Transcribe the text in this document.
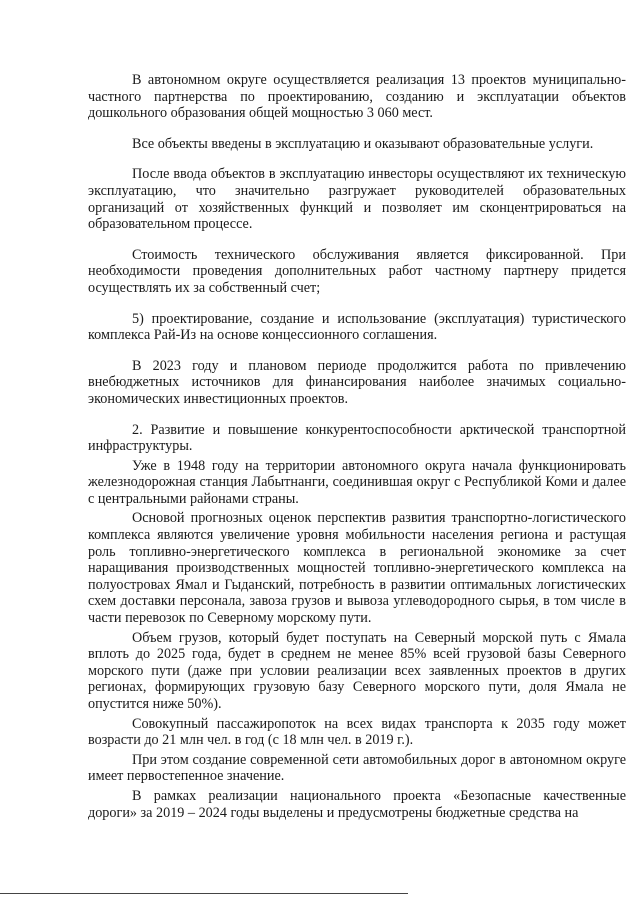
В автономном округе осуществляется реализация 13 проектов муниципально-частного партнерства по проектированию, созданию и эксплуатации объектов дошкольного образования общей мощностью 3 060 мест.

Все объекты введены в эксплуатацию и оказывают образовательные услуги.

После ввода объектов в эксплуатацию инвесторы осуществляют их техническую эксплуатацию, что значительно разгружает руководителей образовательных организаций от хозяйственных функций и позволяет им сконцентрироваться на образовательном процессе.

Стоимость технического обслуживания является фиксированной. При необходимости проведения дополнительных работ частному партнеру придется осуществлять их за собственный счет;

5) проектирование, создание и использование (эксплуатация) туристического комплекса Рай-Из на основе концессионного соглашения.

В 2023 году и плановом периоде продолжится работа по привлечению внебюджетных источников для финансирования наиболее значимых социально-экономических инвестиционных проектов.

2. Развитие и повышение конкурентоспособности арктической транспортной инфраструктуры.

Уже в 1948 году на территории автономного округа начала функционировать железнодорожная станция Лабытнанги, соединившая округ с Республикой Коми и далее с центральными районами страны.

Основой прогнозных оценок перспектив развития транспортно-логистического комплекса являются увеличение уровня мобильности населения региона и растущая роль топливно-энергетического комплекса в региональной экономике за счет наращивания производственных мощностей топливно-энергетического комплекса на полуостровах Ямал и Гыданский, потребность в развитии оптимальных логистических схем доставки персонала, завоза грузов и вывоза углеводородного сырья, в том числе в части перевозок по Северному морскому пути.

Объем грузов, который будет поступать на Северный морской путь с Ямала вплоть до 2025 года, будет в среднем не менее 85% всей грузовой базы Северного морского пути (даже при условии реализации всех заявленных проектов в других регионах, формирующих грузовую базу Северного морского пути, доля Ямала не опустится ниже 50%).

Совокупный пассажиропоток на всех видах транспорта к 2035 году может возрасти до 21 млн чел. в год (с 18 млн чел. в 2019 г.).

При этом создание современной сети автомобильных дорог в автономном округе имеет первостепенное значение.

В рамках реализации национального проекта «Безопасные качественные дороги» за 2019 – 2024 годы выделены и предусмотрены бюджетные средства на
